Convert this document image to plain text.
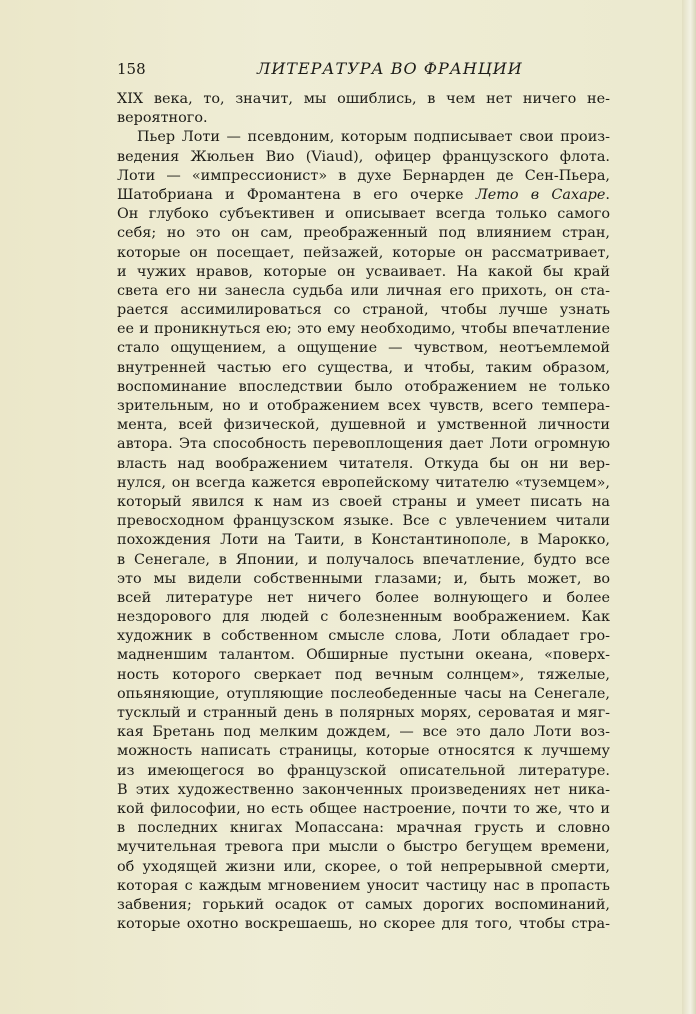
158	ЛИТЕРАТУРА ВО ФРАНЦИИ
XIX века, то, значит, мы ошиблись, в чем нет ничего не-
вероятного.
Пьер Лоти — псевдоним, которым подписывает свои произ-
ведения Жюльен Вио (Viaud), офицер французского флота.
Лоти — «импрессионист» в духе Бернарден де Сен-Пьера,
Шатобриана и Фромантена в его очерке Лето в Сахаре.
Он глубоко субъективен и описывает всегда только самого
себя; но это он сам, преображенный под влиянием стран,
которые он посещает, пейзажей, которые он рассматривает,
и чужих нравов, которые он усваивает. На какой бы край
света его ни занесла судьба или личная его прихоть, он ста-
рается ассимилироваться со страной, чтобы лучше узнать
ее и проникнуться ею; это ему необходимо, чтобы впечатление
стало ощущением, а ощущение — чувством, неотъемлемой
внутренней частью его существа, и чтобы, таким образом,
воспоминание впоследствии было отображением не только
зрительным, но и отображением всех чувств, всего темпера-
мента, всей физической, душевной и умственной личности
автора. Эта способность перевоплощения дает Лоти огромную
власть над воображением читателя. Откуда бы он ни вер-
нулся, он всегда кажется европейскому читателю «туземцем»,
который явился к нам из своей страны и умеет писать на
превосходном французском языке. Все с увлечением читали
похождения Лоти на Таити, в Константинополе, в Марокко,
в Сенегале, в Японии, и получалось впечатление, будто все
это мы видели собственными глазами; и, быть может, во
всей литературе нет ничего более волнующего и более
нездорового для людей с болезненным воображением. Как
художник в собственном смысле слова, Лоти обладает гро-
мадненшим талантом. Обширные пустыни океана, «поверх-
ность которого сверкает под вечным солнцем», тяжелые,
опьяняющие, отупляющие послеобеденные часы на Сенегале,
тусклый и странный день в полярных морях, сероватая и мяг-
кая Бретань под мелким дождем, — все это дало Лоти воз-
можность написать страницы, которые относятся к лучшему
из имеющегося во французской описательной литературе.
В этих художественно законченных произведениях нет ника-
кой философии, но есть общее настроение, почти то же, что и
в последних книгах Мопассана: мрачная грусть и словно
мучительная тревога при мысли о быстро бегущем времени,
об уходящей жизни или, скорее, о той непрерывной смерти,
которая с каждым мгновением уносит частицу нас в пропасть
забвения; горький осадок от самых дорогих воспоминаний,
которые охотно воскрешаешь, но скорее для того, чтобы стра-
